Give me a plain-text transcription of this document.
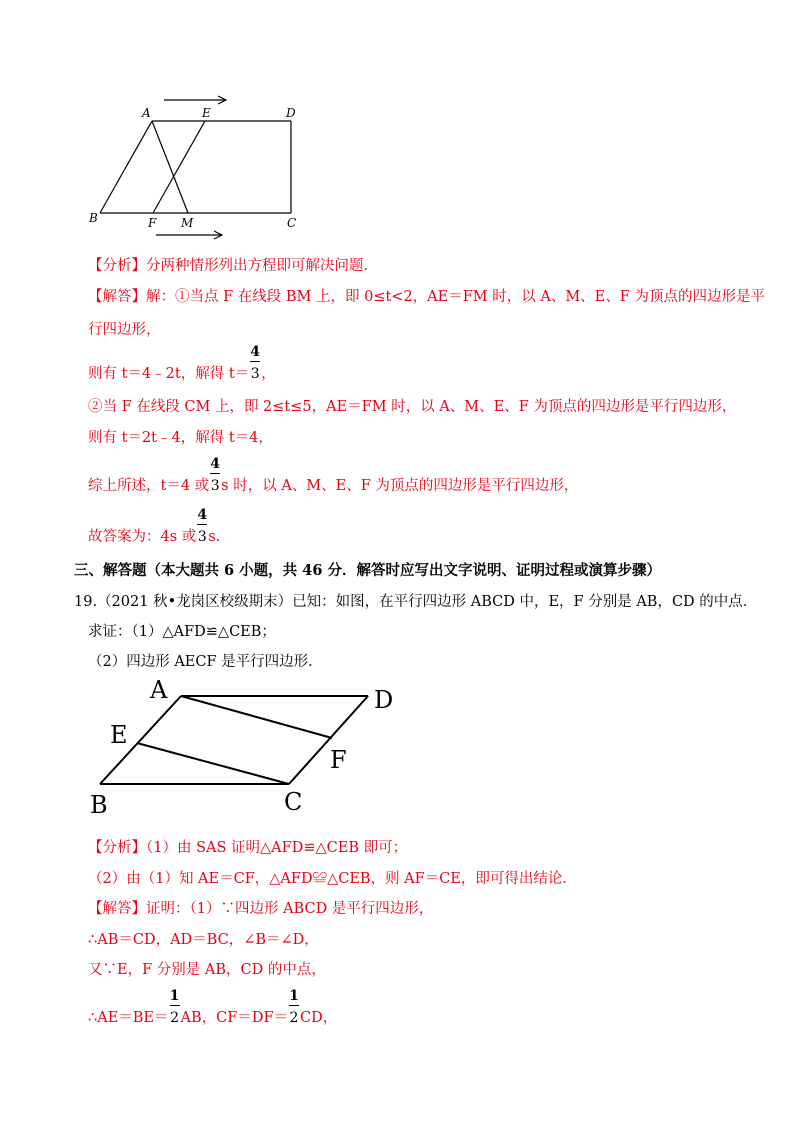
A	E	D
B	F M	C
【分析】分两种情形列出方程即可解决问题.
【解答】解：①当点 F 在线段 BM 上，即 0≤t<2，AE＝FM 时，以 A、M、E、F 为顶点的四边形是平
行四边形，
则有 t＝4﹣2t，解得 $t= \frac{4}{3}$ ，
②当 F 在线段 CM 上，即 2≤t≤5，AE＝FM 时，以 A、M、E、F 为顶点的四边形是平行四边形，
则有 t＝2t﹣4，解得 t＝4，
综上所述，t＝4 或 $\frac{4}{3}$ s 时，以 A、M、E、F 为顶点的四边形是平行四边形，
故答案为：4s 或 $\frac{4}{3} s$.
三、解答题（本大题共 6 小题，共 46 分．解答时应写出文字说明、证明过程或演算步骤）
19.（2021 秋•龙岗区校级期末）已知：如图，在平行四边形 ABCD 中，E，F 分别是 AB，CD 的中点．
求证：（1）△AFD≌△CEB；
（2）四边形 AECF 是平行四边形．
A	D
E
F
B	C
【分析】（1）由 SAS 证明△AFD≌△CEB 即可；
（2）由（1）知 AE＝CF，△AFD≌△CEB，则 AF＝CE，即可得出结论．
【解答】证明：（1）∵四边形 ABCD 是平行四边形，
∴AB＝CD，AD＝BC，∠B＝∠D，
又∵E，F 分别是 AB，CD 的中点，
∴AE＝BE＝ $\frac{1}{2}$ AB，$CF=DF= \frac{1}{2}$ CD，
